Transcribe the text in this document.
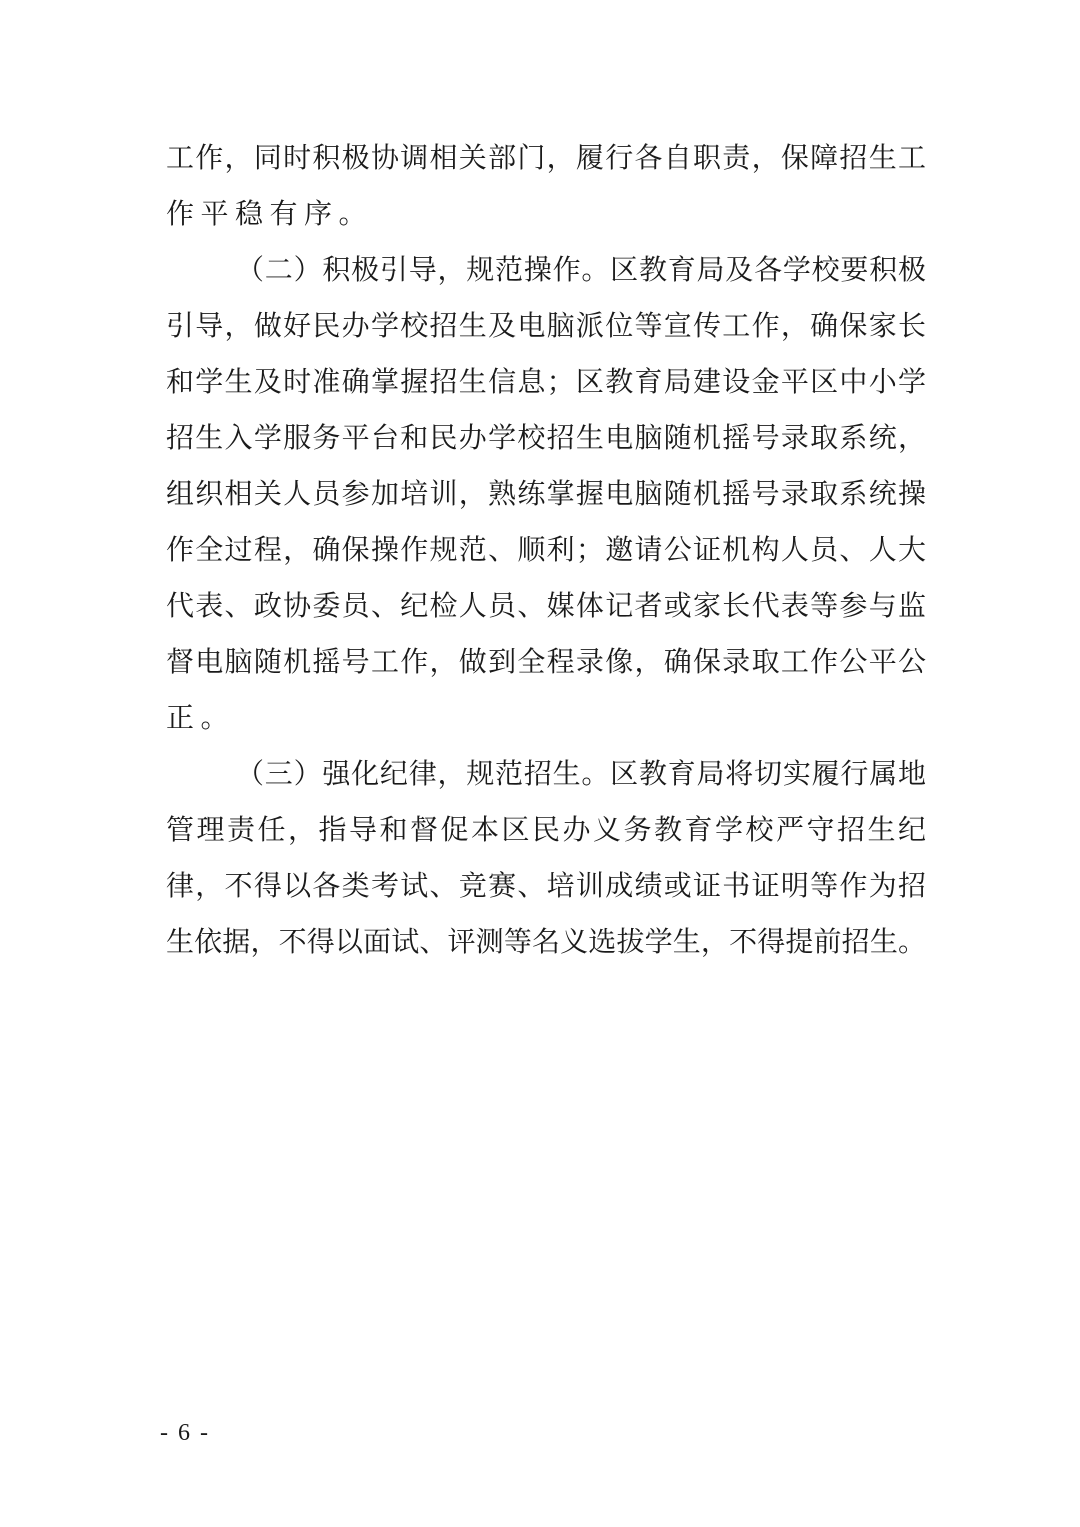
工作，同时积极协调相关部门，履行各自职责，保障招生工
作平稳有序。
（二）积极引导，规范操作。区教育局及各学校要积极
引导，做好民办学校招生及电脑派位等宣传工作，确保家长
和学生及时准确掌握招生信息；区教育局建设金平区中小学
招生入学服务平台和民办学校招生电脑随机摇号录取系统，
组织相关人员参加培训，熟练掌握电脑随机摇号录取系统操
作全过程，确保操作规范、顺利；邀请公证机构人员、人大
代表、政协委员、纪检人员、媒体记者或家长代表等参与监
督电脑随机摇号工作，做到全程录像，确保录取工作公平公
正。
（三）强化纪律，规范招生。区教育局将切实履行属地
管理责任，指导和督促本区民办义务教育学校严守招生纪
律，不得以各类考试、竞赛、培训成绩或证书证明等作为招
生依据，不得以面试、评测等名义选拔学生，不得提前招生。
- 6 -
